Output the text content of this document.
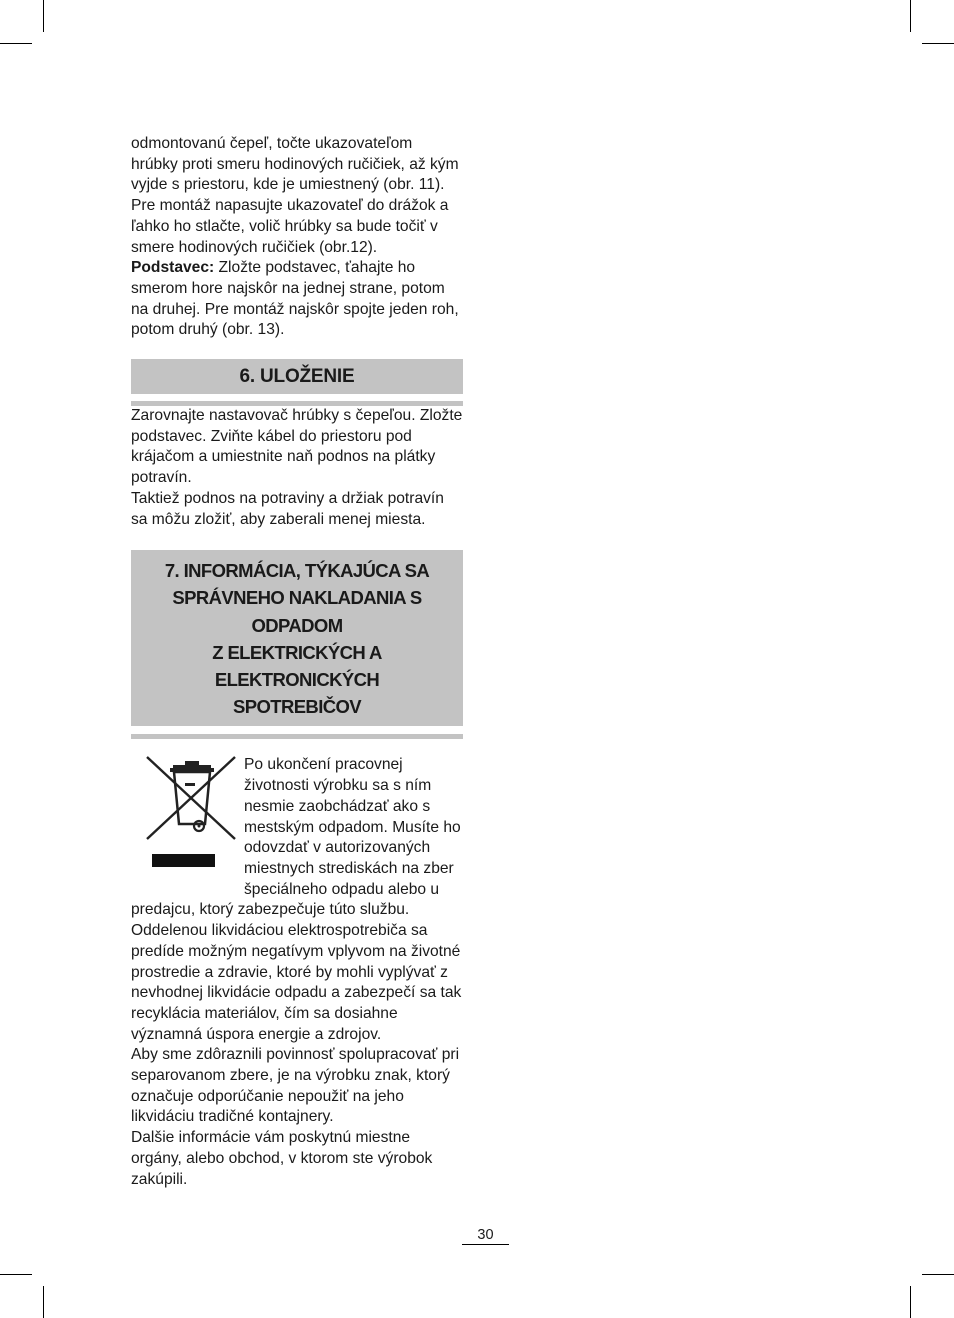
odmontovanú čepeľ, točte ukazovateľom hrúbky proti smeru hodinových ručičiek, až kým vyjde s priestoru, kde je umiestnený (obr. 11). Pre montáž napasujte ukazovateľ do drážok a ľahko ho stlačte, volič hrúbky sa bude točiť v smere hodinových ručičiek (obr.12).

Podstavec: Zložte podstavec, ťahajte ho smerom hore najskôr na jednej strane, potom na druhej. Pre montáž najskôr spojte jeden roh, potom druhý (obr. 13).

6. ULOŽENIE

Zarovnajte nastavovač hrúbky s čepeľou. Zložte podstavec. Zviňte kábel do priestoru pod krájačom a umiestnite naň podnos na plátky potravín.

Taktiež podnos na potraviny a držiak potravín sa môžu zložiť, aby zaberali menej miesta.

7. INFORMÁCIA, TÝKAJÚCA SA
SPRÁVNEHO NAKLADANIA S ODPADOM
Z ELEKTRICKÝCH A ELEKTRONICKÝCH
SPOTREBIČOV

Po ukončení pracovnej životnosti výrobku sa s ním nesmie zaobchádzať ako s mestským odpadom. Musíte ho odovzdať v autorizovaných miestnych strediskách na zber špeciálneho odpadu alebo u predajcu, ktorý zabezpečuje túto službu. Oddelenou likvidáciou elektrospotrebiča sa predíde možným negatívym vplyvom na životné prostredie a zdravie, ktoré by mohli vyplývať z nevhodnej likvidácie odpadu a zabezpečí sa tak recyklácia materiálov, čím sa dosiahne významná úspora energie a zdrojov.

Aby sme zdôraznili povinnosť spolupracovať pri separovanom zbere, je na výrobku znak, ktorý označuje odporúčanie nepoužiť na jeho likvidáciu tradičné kontajnery.

Dalšie informácie vám poskytnú miestne orgány, alebo obchod, v ktorom ste výrobok zakúpili.

30
